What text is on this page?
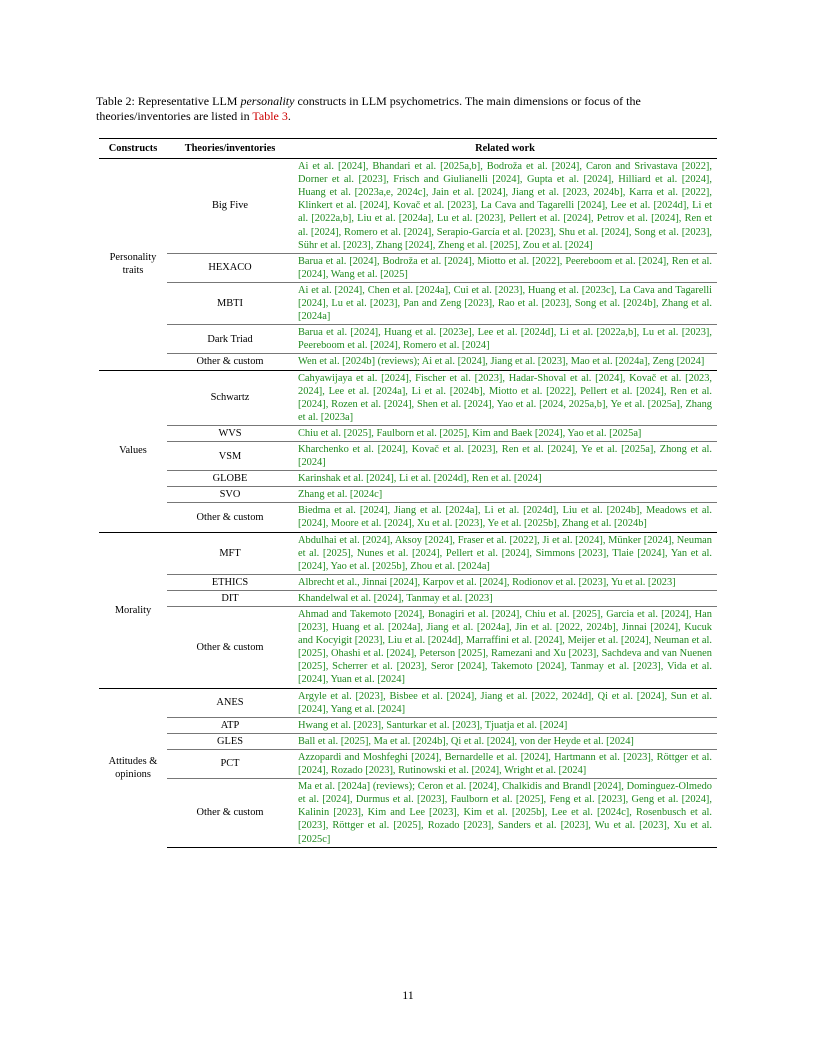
Table 2: Representative LLM personality constructs in LLM psychometrics. The main dimensions or focus of the theories/inventories are listed in Table 3.
Constructs	Theories/inventories	Related work
Personality traits	Big Five	Ai et al. [2024], Bhandari et al. [2025a,b], Bodroža et al. [2024], Caron and Srivastava [2022], Dorner et al. [2023], Frisch and Giulianelli [2024], Gupta et al. [2024], Hilliard et al. [2024], Huang et al. [2023a,e, 2024c], Jain et al. [2024], Jiang et al. [2023, 2024b], Karra et al. [2022], Klinkert et al. [2024], Kovač et al. [2023], La Cava and Tagarelli [2024], Lee et al. [2024d], Li et al. [2022a,b], Liu et al. [2024a], Lu et al. [2023], Pellert et al. [2024], Petrov et al. [2024], Ren et al. [2024], Romero et al. [2024], Serapio-García et al. [2023], Shu et al. [2024], Song et al. [2023], Sühr et al. [2023], Zhang [2024], Zheng et al. [2025], Zou et al. [2024]
	HEXACO	Barua et al. [2024], Bodroža et al. [2024], Miotto et al. [2022], Peereboom et al. [2024], Ren et al. [2024], Wang et al. [2025]
	MBTI	Ai et al. [2024], Chen et al. [2024a], Cui et al. [2023], Huang et al. [2023c], La Cava and Tagarelli [2024], Lu et al. [2023], Pan and Zeng [2023], Rao et al. [2023], Song et al. [2024b], Zhang et al. [2024a]
	Dark Triad	Barua et al. [2024], Huang et al. [2023e], Lee et al. [2024d], Li et al. [2022a,b], Lu et al. [2023], Peereboom et al. [2024], Romero et al. [2024]
	Other & custom	Wen et al. [2024b] (reviews); Ai et al. [2024], Jiang et al. [2023], Mao et al. [2024a], Zeng [2024]
Values	Schwartz	Cahyawijaya et al. [2024], Fischer et al. [2023], Hadar-Shoval et al. [2024], Kovač et al. [2023, 2024], Lee et al. [2024a], Li et al. [2024b], Miotto et al. [2022], Pellert et al. [2024], Ren et al. [2024], Rozen et al. [2024], Shen et al. [2024], Yao et al. [2024, 2025a,b], Ye et al. [2025a], Zhang et al. [2023a]
	WVS	Chiu et al. [2025], Faulborn et al. [2025], Kim and Baek [2024], Yao et al. [2025a]
	VSM	Kharchenko et al. [2024], Kovač et al. [2023], Ren et al. [2024], Ye et al. [2025a], Zhong et al. [2024]
	GLOBE	Karinshak et al. [2024], Li et al. [2024d], Ren et al. [2024]
	SVO	Zhang et al. [2024c]
	Other & custom	Biedma et al. [2024], Jiang et al. [2024a], Li et al. [2024d], Liu et al. [2024b], Meadows et al. [2024], Moore et al. [2024], Xu et al. [2023], Ye et al. [2025b], Zhang et al. [2024b]
Morality	MFT	Abdulhai et al. [2024], Aksoy [2024], Fraser et al. [2022], Ji et al. [2024], Münker [2024], Neuman et al. [2025], Nunes et al. [2024], Pellert et al. [2024], Simmons [2023], Tlaie [2024], Yan et al. [2024], Yao et al. [2025b], Zhou et al. [2024a]
	ETHICS	Albrecht et al., Jinnai [2024], Karpov et al. [2024], Rodionov et al. [2023], Yu et al. [2023]
	DIT	Khandelwal et al. [2024], Tanmay et al. [2023]
	Other & custom	Ahmad and Takemoto [2024], Bonagiri et al. [2024], Chiu et al. [2025], Garcia et al. [2024], Han [2023], Huang et al. [2024a], Jiang et al. [2024a], Jin et al. [2022, 2024b], Jinnai [2024], Kucuk and Kocyigit [2023], Liu et al. [2024d], Marraffini et al. [2024], Meijer et al. [2024], Neuman et al. [2025], Ohashi et al. [2024], Peterson [2025], Ramezani and Xu [2023], Sachdeva and van Nuenen [2025], Scherrer et al. [2023], Seror [2024], Takemoto [2024], Tanmay et al. [2023], Vida et al. [2024], Yuan et al. [2024]
Attitudes & opinions	ANES	Argyle et al. [2023], Bisbee et al. [2024], Jiang et al. [2022, 2024d], Qi et al. [2024], Sun et al. [2024], Yang et al. [2024]
	ATP	Hwang et al. [2023], Santurkar et al. [2023], Tjuatja et al. [2024]
	GLES	Ball et al. [2025], Ma et al. [2024b], Qi et al. [2024], von der Heyde et al. [2024]
	PCT	Azzopardi and Moshfeghi [2024], Bernardelle et al. [2024], Hartmann et al. [2023], Röttger et al. [2024], Rozado [2023], Rutinowski et al. [2024], Wright et al. [2024]
	Other & custom	Ma et al. [2024a] (reviews); Ceron et al. [2024], Chalkidis and Brandl [2024], Dominguez-Olmedo et al. [2024], Durmus et al. [2023], Faulborn et al. [2025], Feng et al. [2023], Geng et al. [2024], Kalinin [2023], Kim and Lee [2023], Kim et al. [2025b], Lee et al. [2024c], Rosenbusch et al. [2023], Röttger et al. [2025], Rozado [2023], Sanders et al. [2023], Wu et al. [2023], Xu et al. [2025c]
11
